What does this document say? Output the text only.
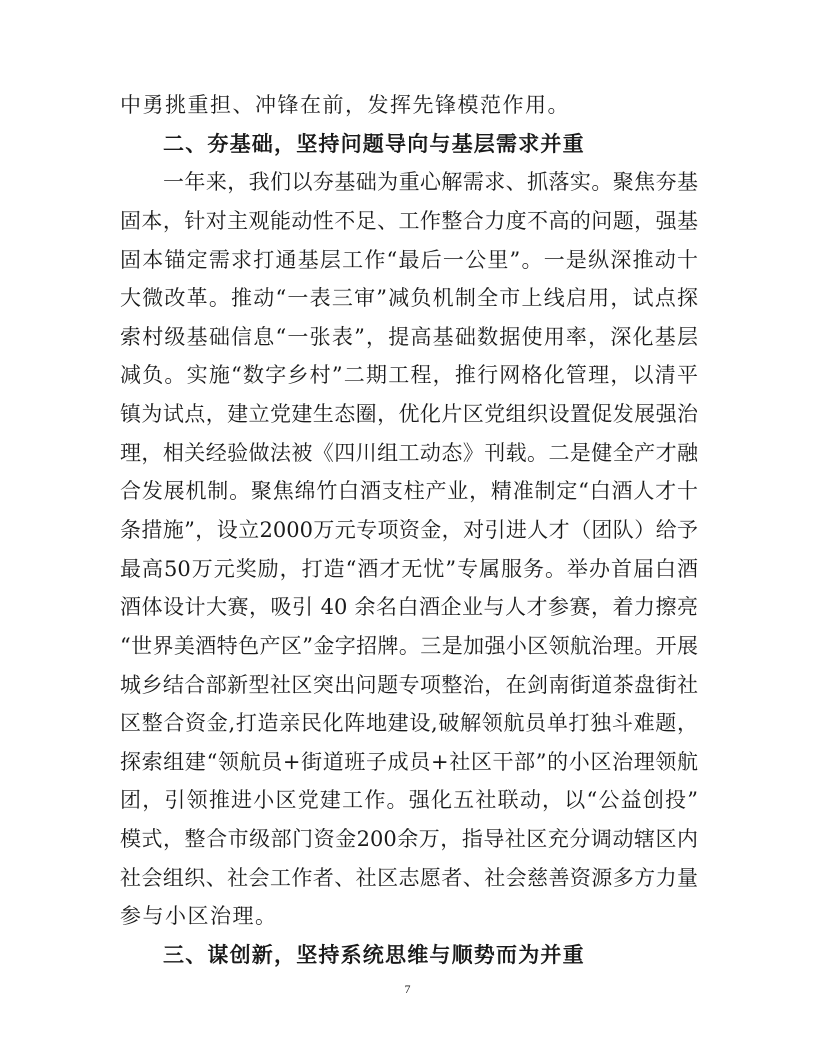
中勇挑重担、冲锋在前，发挥先锋模范作用。
二、夯基础，坚持问题导向与基层需求并重
一年来，我们以夯基础为重心解需求、抓落实。聚焦夯基
固本，针对主观能动性不足、工作整合力度不高的问题，强基
固本锚定需求打通基层工作“最后一公里”。一是纵深推动十
大微改革。推动“一表三审”减负机制全市上线启用，试点探
索村级基础信息“一张表”，提高基础数据使用率，深化基层
减负。实施“数字乡村”二期工程，推行网格化管理，以清平
镇为试点，建立党建生态圈，优化片区党组织设置促发展强治
理，相关经验做法被《四川组工动态》刊载。二是健全产才融
合发展机制。聚焦绵竹白酒支柱产业，精准制定“白酒人才十
条措施”，设立2000万元专项资金，对引进人才（团队）给予
最高50万元奖励，打造“酒才无忧”专属服务。举办首届白酒
酒体设计大赛，吸引 40 余名白酒企业与人才参赛，着力擦亮
“世界美酒特色产区”金字招牌。三是加强小区领航治理。开展
城乡结合部新型社区突出问题专项整治，在剑南街道茶盘街社
区整合资金,打造亲民化阵地建设,破解领航员单打独斗难题，
探索组建“领航员+街道班子成员+社区干部”的小区治理领航
团，引领推进小区党建工作。强化五社联动，以“公益创投”
模式，整合市级部门资金200余万，指导社区充分调动辖区内
社会组织、社会工作者、社区志愿者、社会慈善资源多方力量
参与小区治理。
三、谋创新，坚持系统思维与顺势而为并重
7
